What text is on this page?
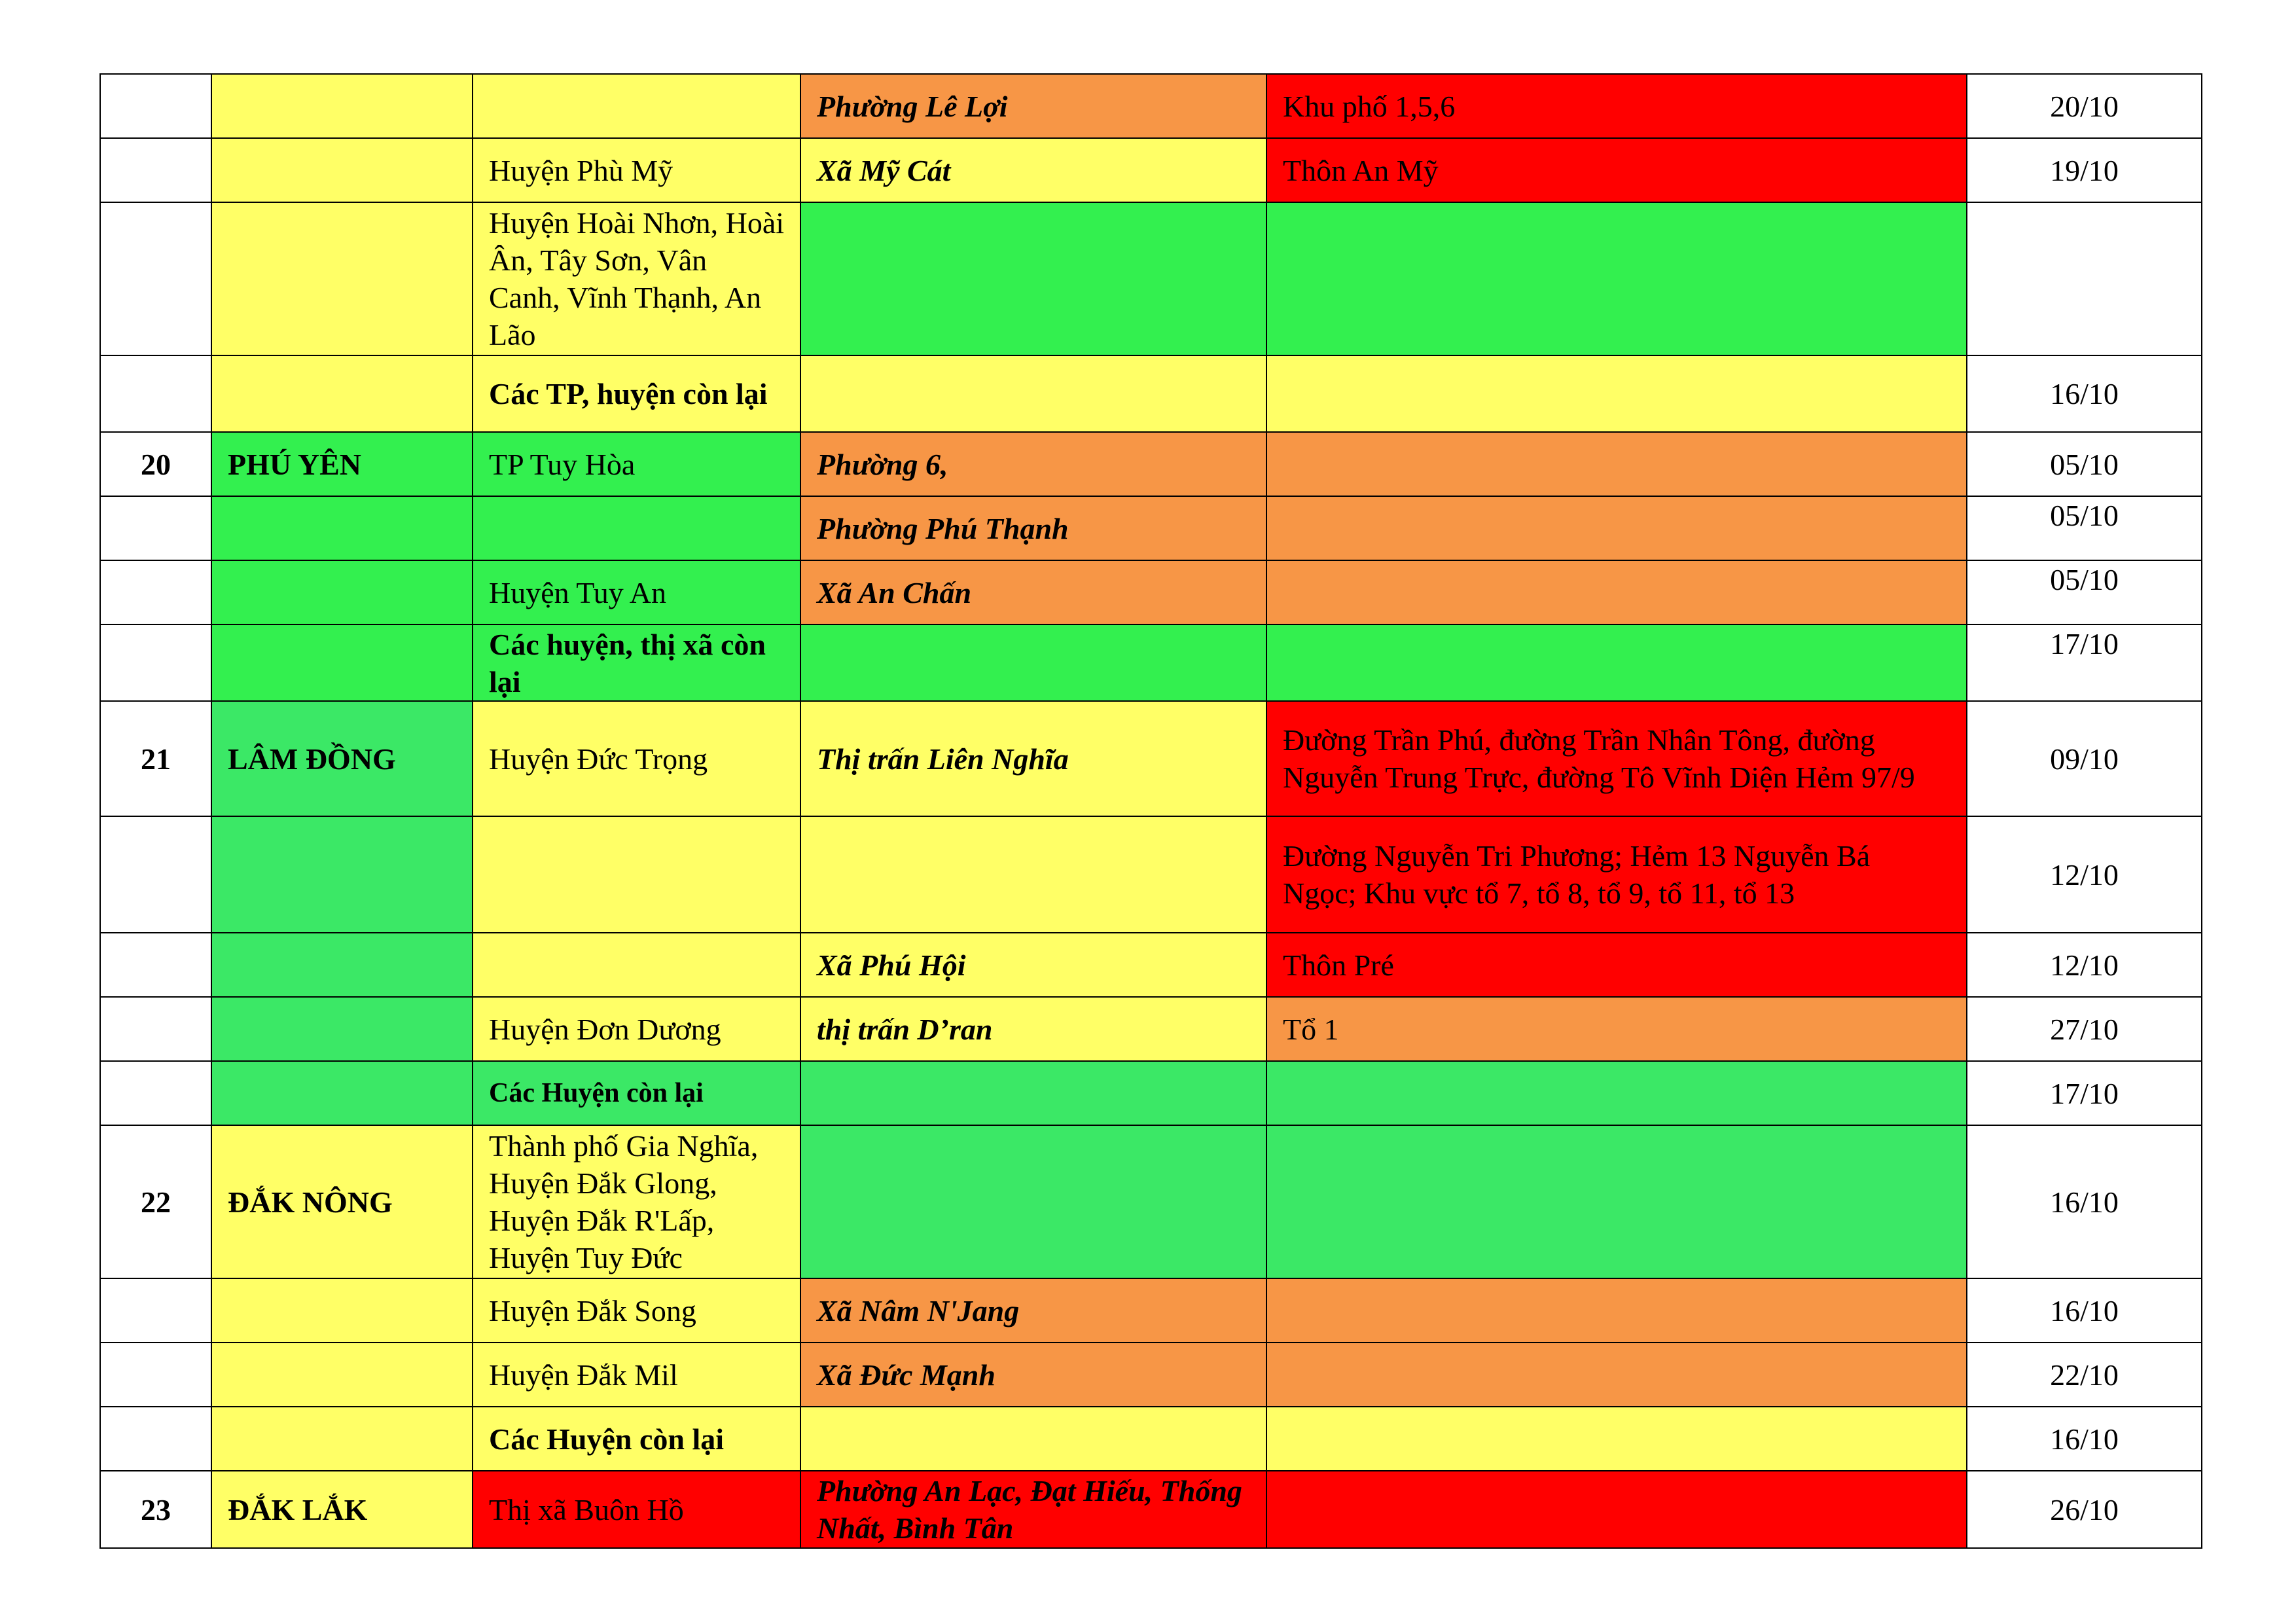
			Phường Lê Lợi	Khu phố 1,5,6	20/10
		Huyện Phù Mỹ	Xã Mỹ Cát	Thôn An Mỹ	19/10
		Huyện Hoài Nhơn, Hoài Ân, Tây Sơn, Vân Canh, Vĩnh Thạnh, An Lão			
		Các TP, huyện còn lại			16/10
20	PHÚ YÊN	TP Tuy Hòa	Phường 6,		05/10
			Phường Phú Thạnh		05/10
		Huyện Tuy An	Xã An Chấn		05/10
		Các huyện, thị xã còn lại			17/10
21	LÂM ĐỒNG	Huyện Đức Trọng	Thị trấn Liên Nghĩa	Đường Trần Phú, đường Trần Nhân Tông, đường Nguyễn Trung Trực, đường Tô Vĩnh Diện Hẻm 97/9	09/10
				Đường Nguyễn Tri Phương; Hẻm 13 Nguyễn Bá Ngọc; Khu vực tổ 7, tổ 8, tổ 9, tổ 11, tổ 13	12/10
			Xã Phú Hội	Thôn Pré	12/10
		Huyện Đơn Dương	thị trấn D’ran	Tổ 1	27/10
		Các Huyện còn lại			17/10
22	ĐẮK NÔNG	Thành phố Gia Nghĩa, Huyện Đắk Glong, Huyện Đắk R'Lấp, Huyện Tuy Đức			16/10
		Huyện Đắk Song	Xã Nâm N'Jang		16/10
		Huyện Đắk Mil	Xã Đức Mạnh		22/10
		Các Huyện còn lại			16/10
23	ĐẮK LẮK	Thị xã Buôn Hồ	Phường An Lạc, Đạt Hiếu, Thống Nhất, Bình Tân		26/10
